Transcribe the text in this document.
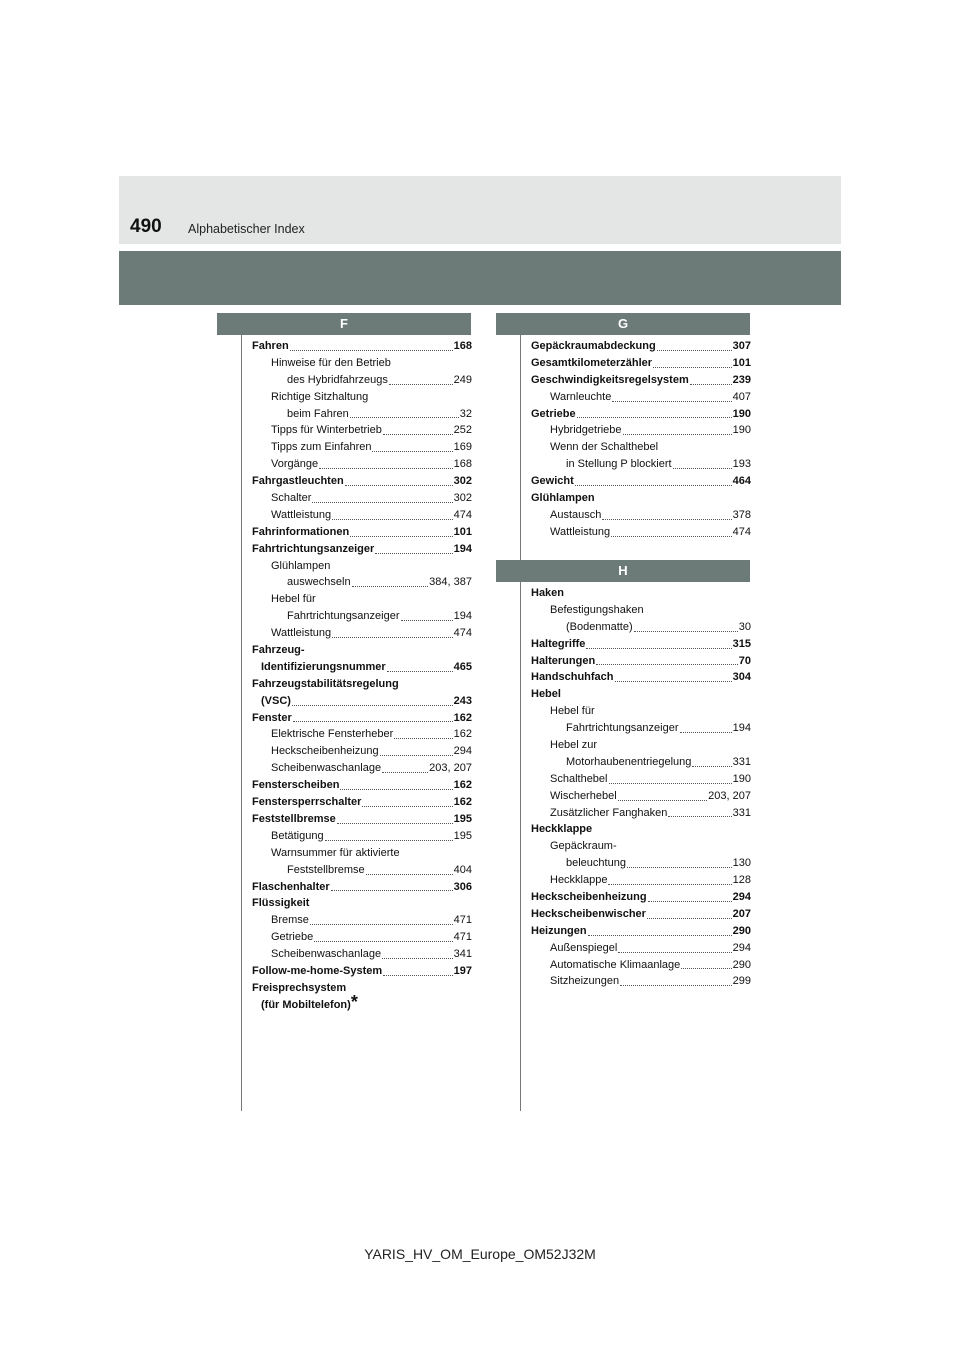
490 Alphabetischer Index
F
Fahren	168
Hinweise für den Betrieb
des Hybridfahrzeugs	249
Richtige Sitzhaltung
beim Fahren	32
Tipps für Winterbetrieb	252
Tipps zum Einfahren	169
Vorgänge	168
Fahrgastleuchten	302
Schalter	302
Wattleistung	474
Fahrinformationen	101
Fahrtrichtungsanzeiger	194
Glühlampen
auswechseln	384, 387
Hebel für
Fahrtrichtungsanzeiger	194
Wattleistung	474
Fahrzeug-
Identifizierungsnummer	465
Fahrzeugstabilitätsregelung
(VSC)	243
Fenster	162
Elektrische Fensterheber	162
Heckscheibenheizung	294
Scheibenwaschanlage	203, 207
Fensterscheiben	162
Fenstersperrschalter	162
Feststellbremse	195
Betätigung	195
Warnsummer für aktivierte
Feststellbremse	404
Flaschenhalter	306
Flüssigkeit
Bremse	471
Getriebe	471
Scheibenwaschanlage	341
Follow-me-home-System	197
Freisprechsystem
(für Mobiltelefon) *
G
Gepäckraumabdeckung	307
Gesamtkilometerzähler	101
Geschwindigkeitsregelsystem	239
Warnleuchte	407
Getriebe	190
Hybridgetriebe	190
Wenn der Schalthebel
in Stellung P blockiert	193
Gewicht	464
Glühlampen
Austausch	378
Wattleistung	474
H
Haken
Befestigungshaken
(Bodenmatte)	30
Haltegriffe	315
Halterungen	70
Handschuhfach	304
Hebel
Hebel für
Fahrtrichtungsanzeiger	194
Hebel zur
Motorhaubenentriegelung	331
Schalthebel	190
Wischerhebel	203, 207
Zusätzlicher Fanghaken	331
Heckklappe
Gepäckraum-
beleuchtung	130
Heckklappe	128
Heckscheibenheizung	294
Heckscheibenwischer	207
Heizungen	290
Außenspiegel	294
Automatische Klimaanlage	290
Sitzheizungen	299
YARIS_HV_OM_Europe_OM52J32M
